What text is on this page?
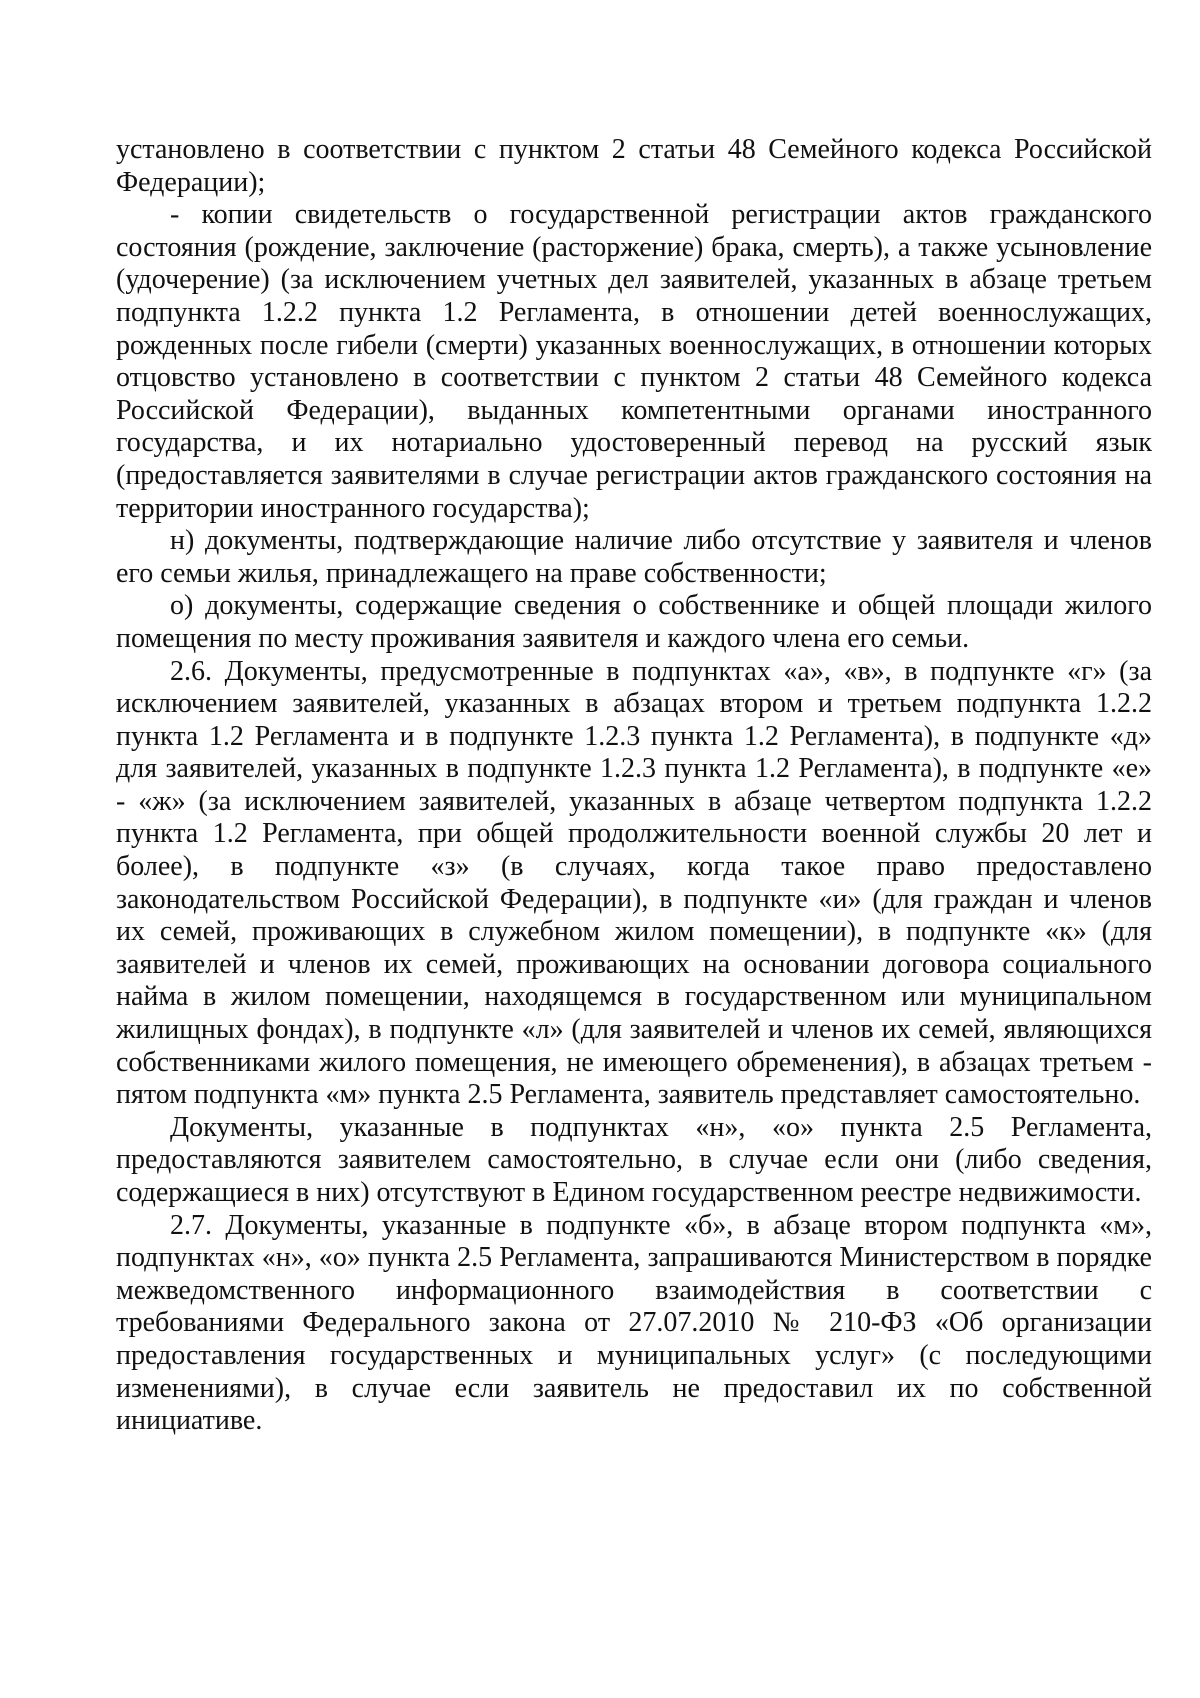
установлено в соответствии с пунктом 2 статьи 48 Семейного кодекса Российской Федерации);

- копии свидетельств о государственной регистрации актов гражданского состояния (рождение, заключение (расторжение) брака, смерть), а также усыновление (удочерение) (за исключением учетных дел заявителей, указанных в абзаце третьем подпункта 1.2.2 пункта 1.2 Регламента, в отношении детей военнослужащих, рожденных после гибели (смерти) указанных военнослужащих, в отношении которых отцовство установлено в соответствии с пунктом 2 статьи 48 Семейного кодекса Российской Федерации), выданных компетентными органами иностранного государства, и их нотариально удостоверенный перевод на русский язык (предоставляется заявителями в случае регистрации актов гражданского состояния на территории иностранного государства);

н) документы, подтверждающие наличие либо отсутствие у заявителя и членов его семьи жилья, принадлежащего на праве собственности;

о) документы, содержащие сведения о собственнике и общей площади жилого помещения по месту проживания заявителя и каждого члена его семьи.

2.6. Документы, предусмотренные в подпунктах «а», «в», в подпункте «г» (за исключением заявителей, указанных в абзацах втором и третьем подпункта 1.2.2 пункта 1.2 Регламента и в подпункте 1.2.3 пункта 1.2 Регламента), в подпункте «д» для заявителей, указанных в подпункте 1.2.3 пункта 1.2 Регламента), в подпункте «е» - «ж» (за исключением заявителей, указанных в абзаце четвертом подпункта 1.2.2 пункта 1.2 Регламента, при общей продолжительности военной службы 20 лет и более), в подпункте «з» (в случаях, когда такое право предоставлено законодательством Российской Федерации), в подпункте «и» (для граждан и членов их семей, проживающих в служебном жилом помещении), в подпункте «к» (для заявителей и членов их семей, проживающих на основании договора социального найма в жилом помещении, находящемся в государственном или муниципальном жилищных фондах), в подпункте «л» (для заявителей и членов их семей, являющихся собственниками жилого помещения, не имеющего обременения), в абзацах третьем - пятом подпункта «м» пункта 2.5 Регламента, заявитель представляет самостоятельно.

Документы, указанные в подпунктах «н», «о» пункта 2.5 Регламента, предоставляются заявителем самостоятельно, в случае если они (либо сведения, содержащиеся в них) отсутствуют в Едином государственном реестре недвижимости.

2.7. Документы, указанные в подпункте «б», в абзаце втором подпункта «м», подпунктах «н», «о» пункта 2.5 Регламента, запрашиваются Министерством в порядке межведомственного информационного взаимодействия в соответствии с требованиями Федерального закона от 27.07.2010 № 210-ФЗ «Об организации предоставления государственных и муниципальных услуг» (с последующими изменениями), в случае если заявитель не предоставил их по собственной инициативе.
